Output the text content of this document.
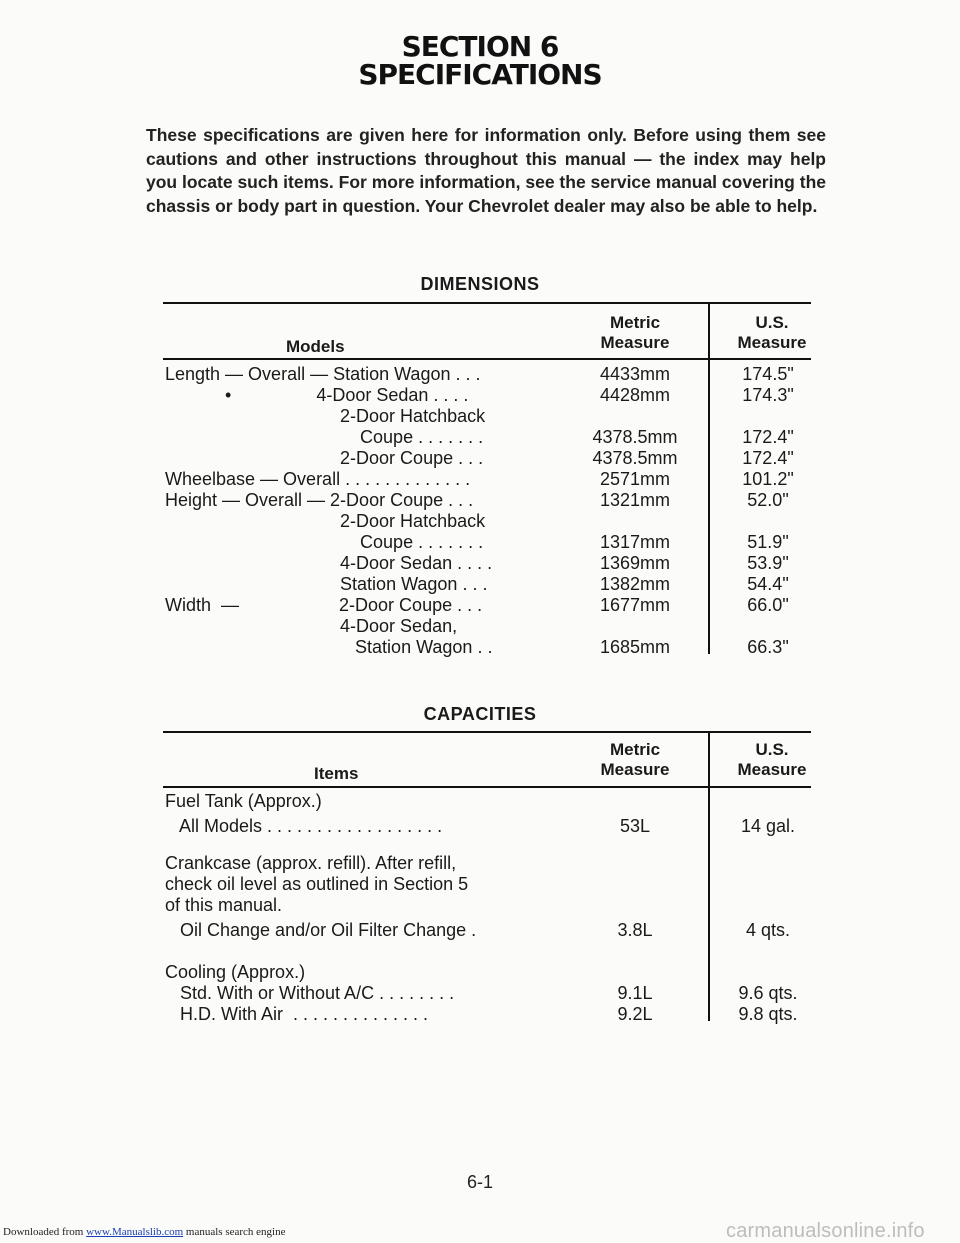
SECTION 6
SPECIFICATIONS

These specifications are given here for information only. Before using them see cautions and other instructions throughout this manual — the index may help you locate such items. For more information, see the service manual covering the chassis or body part in question. Your Chevrolet dealer may also be able to help.

DIMENSIONS
Models
Metric
Measure
U.S.
Measure
Length — Overall — Station Wagon . . .	4433mm	174.5"
•                 4-Door Sedan . . . .	4428mm	174.3"
2-Door Hatchback
Coupe . . . . . . .	4378.5mm	172.4"
2-Door Coupe . . .	4378.5mm	172.4"
Wheelbase — Overall . . . . . . . . . . . . .	2571mm	101.2"
Height — Overall — 2-Door Coupe . . .	1321mm	52.0"
2-Door Hatchback
Coupe . . . . . . .	1317mm	51.9"
4-Door Sedan . . . .	1369mm	53.9"
Station Wagon . . .	1382mm	54.4"
Width  —                    2-Door Coupe . . .	1677mm	66.0"
4-Door Sedan,
Station Wagon . .	1685mm	66.3"
CAPACITIES
Items
Metric
Measure
U.S.
Measure
Fuel Tank (Approx.)
All Models . . . . . . . . . . . . . . . . . .	53L	14 gal.
Crankcase (approx. refill). After refill,
check oil level as outlined in Section 5
of this manual.
Oil Change and/or Oil Filter Change .	3.8L	4 qts.
Cooling (Approx.)
Std. With or Without A/C . . . . . . . .	9.1L	9.6 qts.
H.D. With Air  . . . . . . . . . . . . . .	9.2L	9.8 qts.
6-1
Downloaded from www.Manualslib.com manuals search engine	carmanualsonline.info
